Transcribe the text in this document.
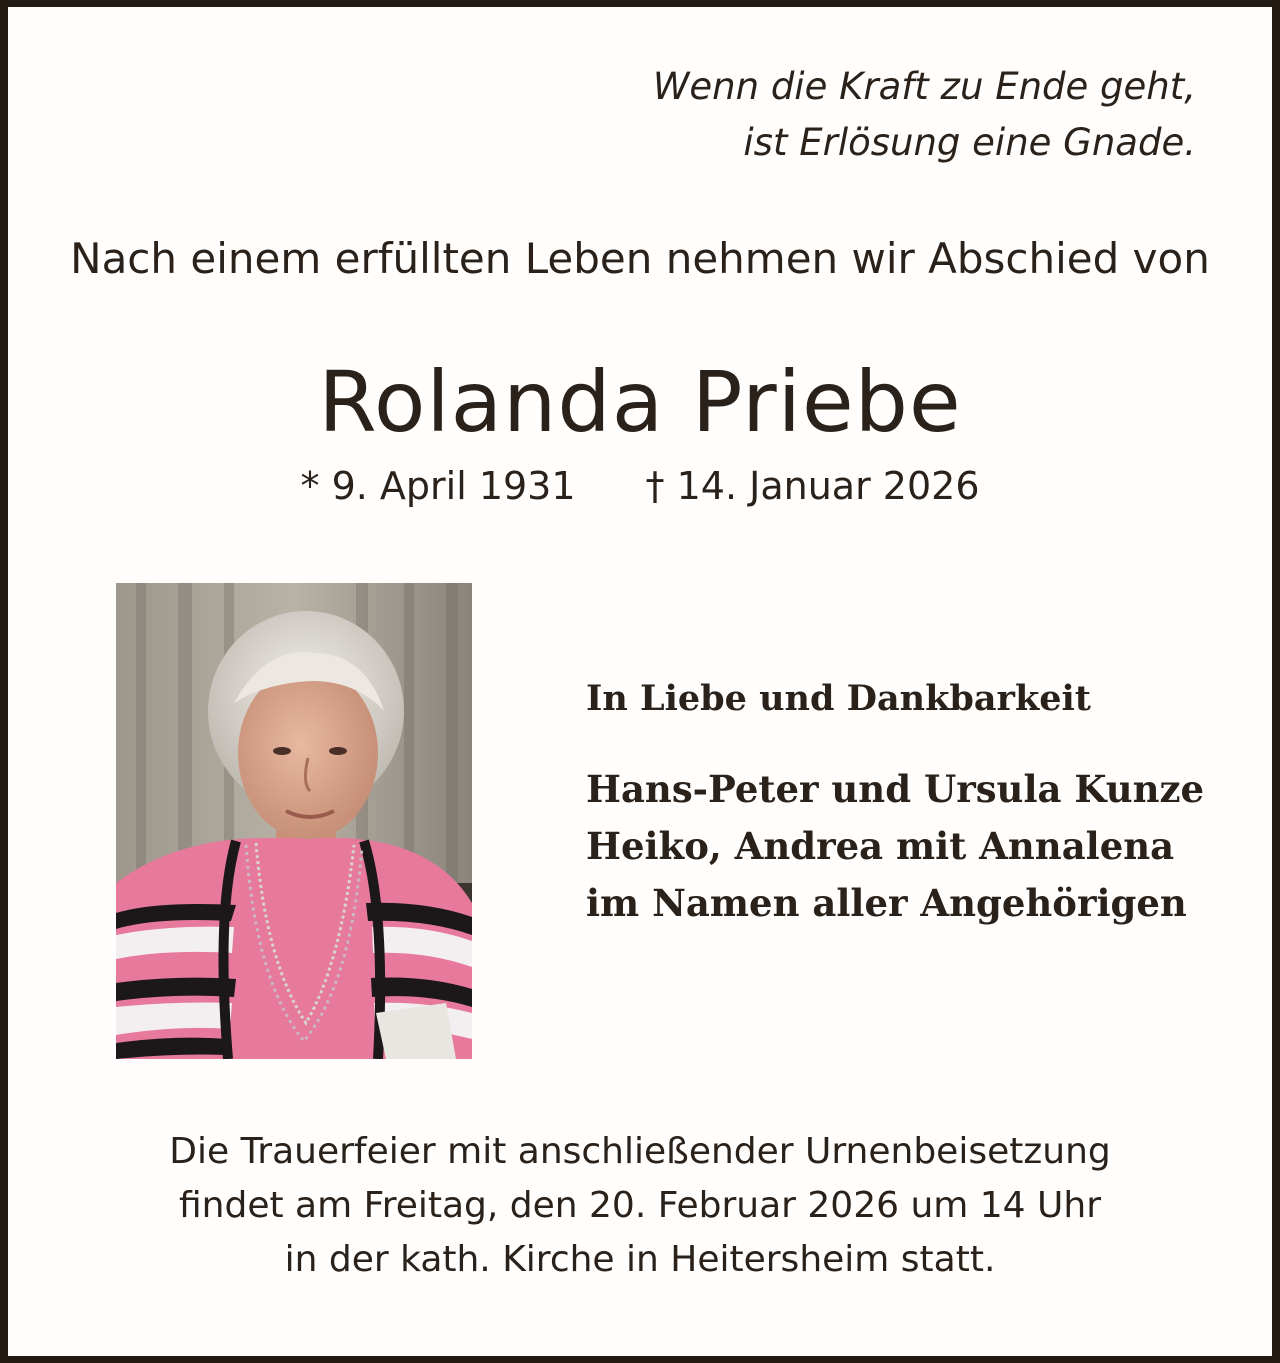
Wenn die Kraft zu Ende geht,
ist Erlösung eine Gnade.
Nach einem erfüllten Leben nehmen wir Abschied von
Rolanda Priebe
* 9. April 1931 † 14. Januar 2026
In Liebe und Dankbarkeit
Hans-Peter und Ursula Kunze
Heiko, Andrea mit Annalena
im Namen aller Angehörigen
Die Trauerfeier mit anschließender Urnenbeisetzung
findet am Freitag, den 20. Februar 2026 um 14 Uhr
in der kath. Kirche in Heitersheim statt.
